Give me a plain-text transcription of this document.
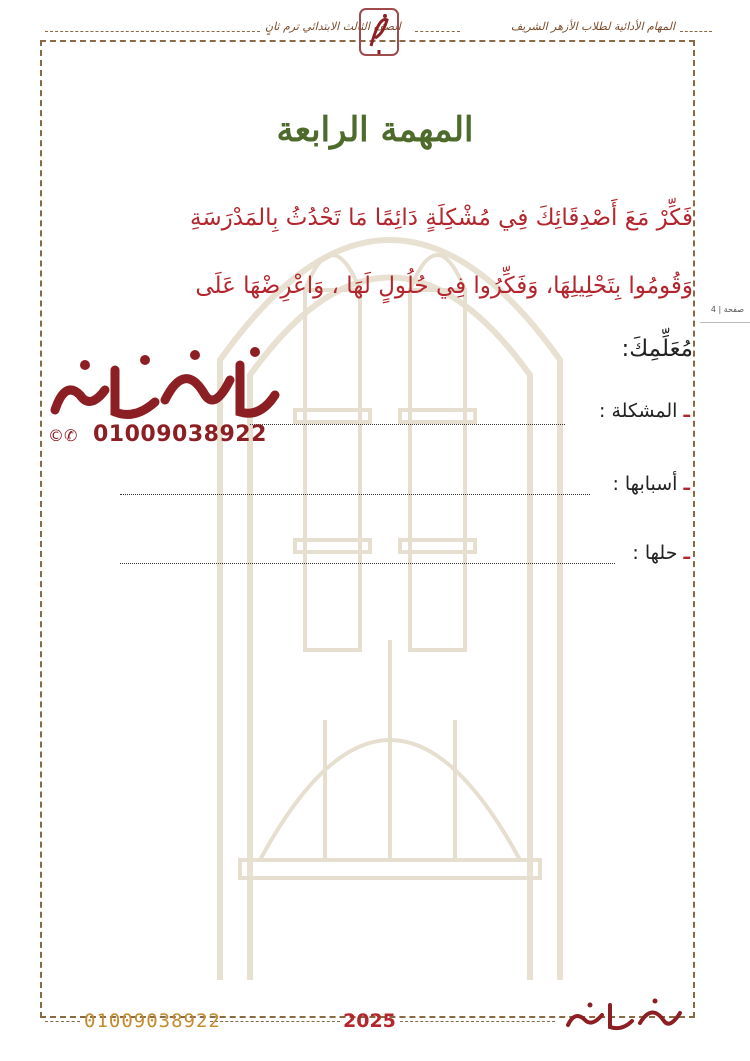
المهام الأدائية لطلاب الأزهر الشريف
الصف الثالث الابتدائي ترم ثانٍ
صفحة | 4
المهمة الرابعة
فَكِّرْ مَعَ أَصْدِقَائِكَ فِي مُشْكِلَةٍ دَائِمًا مَا تَحْدُثُ بِالمَدْرَسَةِ
وَقُومُوا بِتَحْلِيلِهَا، وَفَكِّرُوا فِي حُلُولٍ لَهَا ، وَاعْرِضْهَا عَلَى
مُعَلِّمِكَ:
ـ المشكلة :
ـ أسبابها :
ـ حلها :
©✆ 01009038922
01009038922	2025
